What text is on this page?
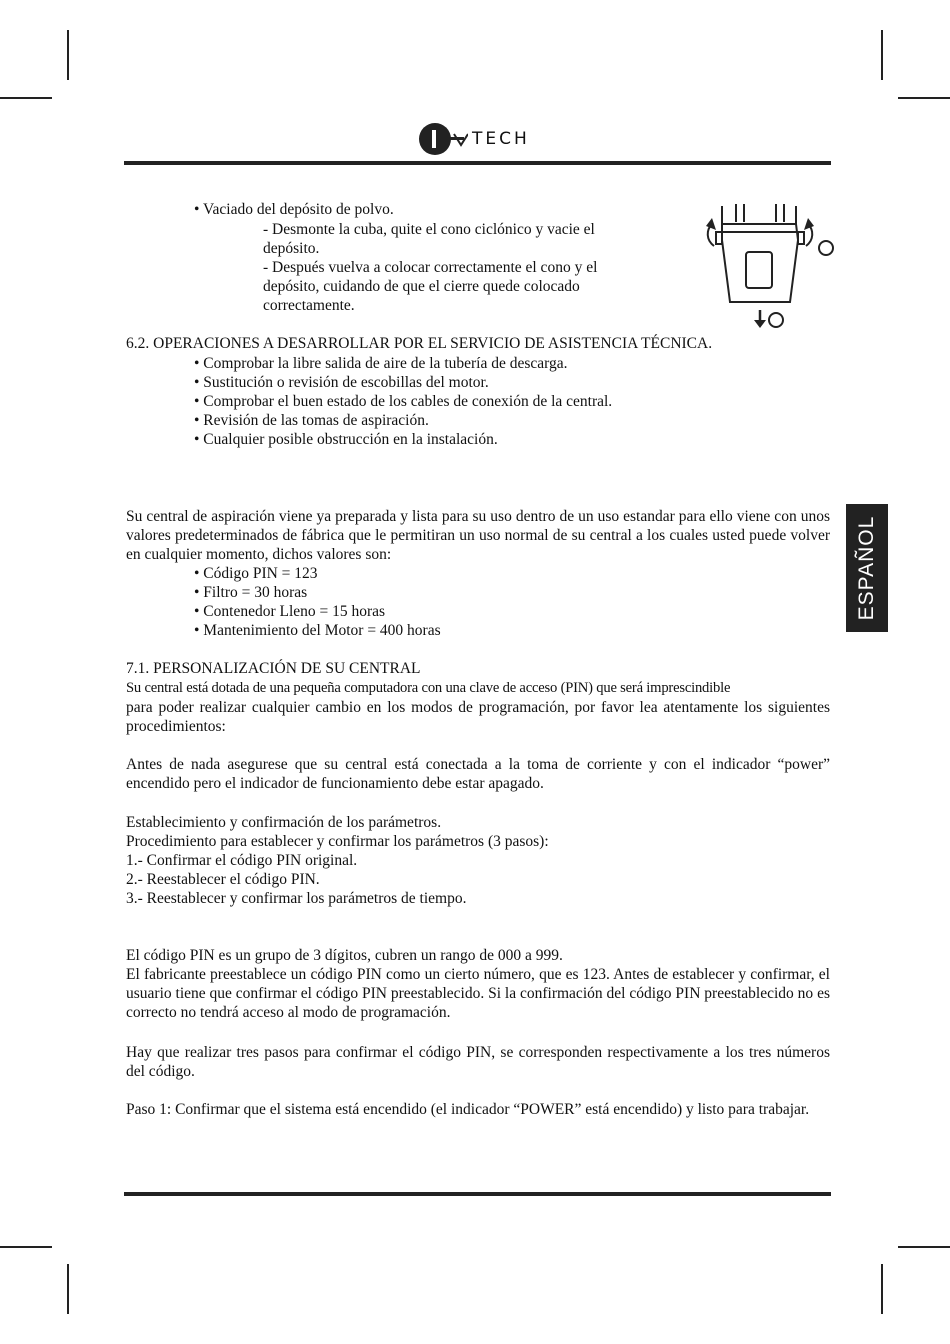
TECH
ESPAÑOL
• Vaciado del depósito de polvo.
- Desmonte la cuba, quite el cono ciclónico y vacie el
depósito.
- Después vuelva a colocar correctamente el cono y el
depósito, cuidando de que el cierre quede colocado
correctamente.
6.2. OPERACIONES A DESARROLLAR POR EL SERVICIO DE ASISTENCIA TÉCNICA.
• Comprobar la libre salida de aire de la tubería de descarga.
• Sustitución o revisión de escobillas del motor.
• Comprobar el buen estado de los cables de conexión de la central.
• Revisión de las tomas de aspiración.
• Cualquier posible obstrucción en la instalación.
Su central de aspiración viene ya preparada y lista para su uso dentro de un uso estandar para ello viene con unos valores predeterminados de fábrica que le permitiran un uso normal de su central a los cuales usted puede volver en cualquier momento, dichos valores son:
• Código PIN = 123
• Filtro = 30 horas
• Contenedor Lleno = 15 horas
• Mantenimiento del Motor = 400 horas
7.1. PERSONALIZACIÓN DE SU CENTRAL
Su central está dotada de una pequeña computadora con una clave de acceso (PIN) que será imprescindible
para poder realizar cualquier cambio en los modos de programación, por favor lea atentamente los siguientes procedimientos:
Antes de nada asegurese que su central está conectada a la toma de corriente y con el indicador “power” encendido pero el indicador de funcionamiento debe estar apagado.
Establecimiento y confirmación de los parámetros.
Procedimiento para establecer y confirmar los parámetros (3 pasos):
1.- Confirmar el código PIN original.
2.- Reestablecer el código PIN.
3.- Reestablecer y confirmar los parámetros de tiempo.
El código PIN es un grupo de 3 dígitos, cubren un rango de 000 a 999.
El fabricante preestablece un código PIN como un cierto número, que es 123. Antes de establecer y confirmar, el usuario tiene que confirmar el código PIN preestablecido. Si la confirmación del código PIN preestablecido no es correcto no tendrá acceso al modo de programación.
Hay que realizar tres pasos para confirmar el código PIN, se corresponden respectivamente a los tres números del código.
Paso 1: Confirmar que el sistema está encendido (el indicador “POWER” está encendido) y listo para trabajar.
